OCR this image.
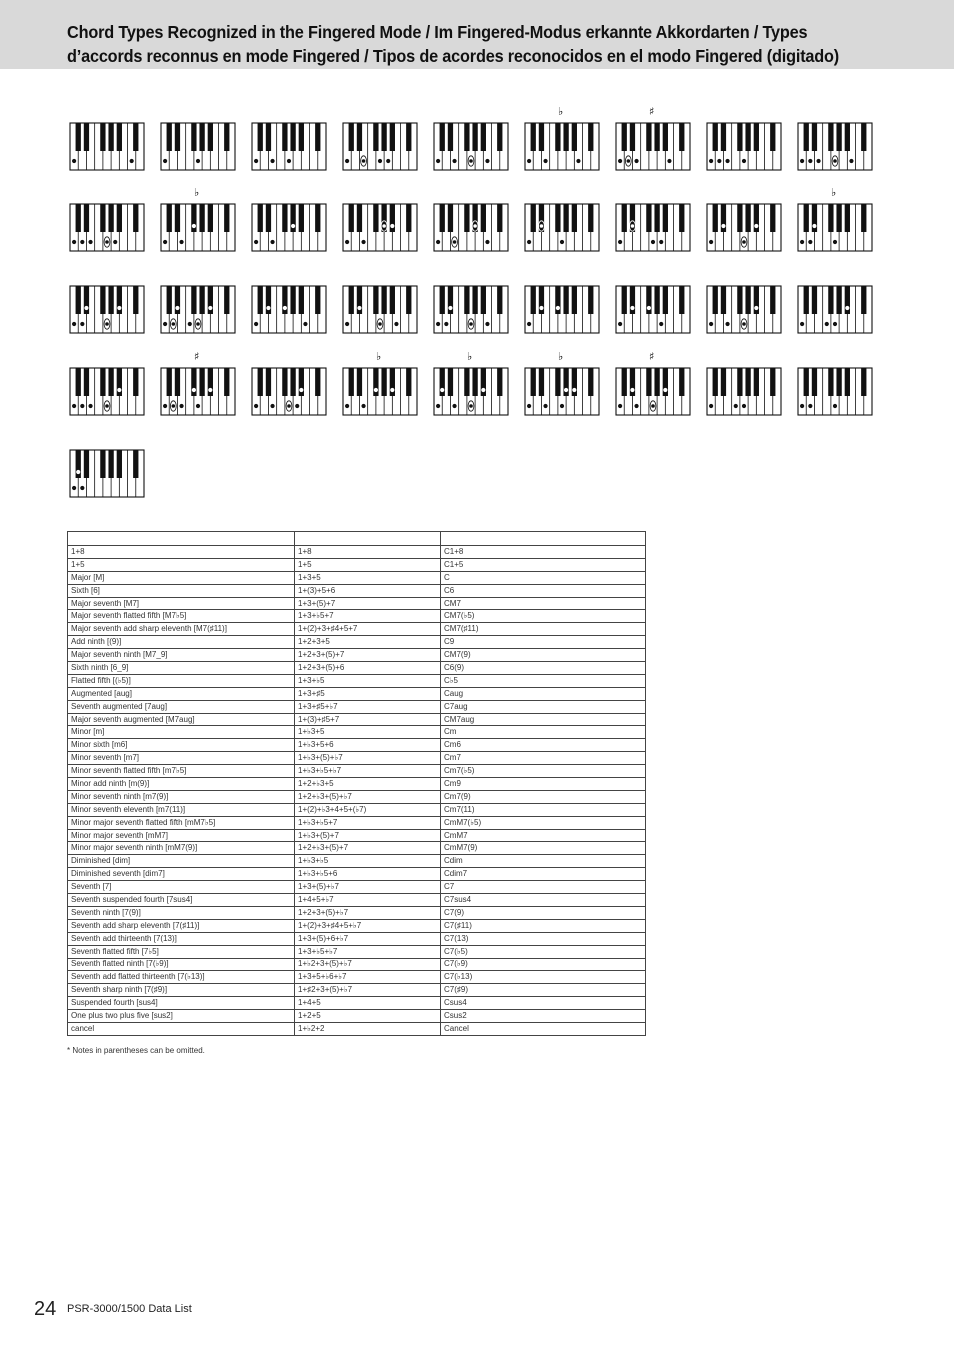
Chord Types Recognized in the Fingered Mode / Im Fingered-Modus erkannte Akkordarten / Types d’accords reconnus en mode Fingered / Tipos de acordes reconocidos en el modo Fingered (digitado)
♭	♯
♭	♭
♯	♭	♭	♭	♯

1+8	1+8	C1+8
1+5	1+5	C1+5
Major [M]	1+3+5	C
Sixth [6]	1+(3)+5+6	C6
Major seventh [M7]	1+3+(5)+7	CM7
Major seventh flatted fifth [M7♭5]	1+3+♭5+7	CM7(♭5)
Major seventh add sharp eleventh [M7(♯11)]	1+(2)+3+♯4+5+7	CM7(♯11)
Add ninth [(9)]	1+2+3+5	C9
Major seventh ninth [M7_9]	1+2+3+(5)+7	CM7(9)
Sixth ninth [6_9]	1+2+3+(5)+6	C6(9)
Flatted fifth [(♭5)]	1+3+♭5	C♭5
Augmented [aug]	1+3+♯5	Caug
Seventh augmented [7aug]	1+3+♯5+♭7	C7aug
Major seventh augmented [M7aug]	1+(3)+♯5+7	CM7aug
Minor [m]	1+♭3+5	Cm
Minor sixth [m6]	1+♭3+5+6	Cm6
Minor seventh [m7]	1+♭3+(5)+♭7	Cm7
Minor seventh flatted fifth [m7♭5]	1+♭3+♭5+♭7	Cm7(♭5)
Minor add ninth [m(9)]	1+2+♭3+5	Cm9
Minor seventh ninth [m7(9)]	1+2+♭3+(5)+♭7	Cm7(9)
Minor seventh eleventh [m7(11)]	1+(2)+♭3+4+5+(♭7)	Cm7(11)
Minor major seventh flatted fifth [mM7♭5]	1+♭3+♭5+7	CmM7(♭5)
Minor major seventh [mM7]	1+♭3+(5)+7	CmM7
Minor major seventh ninth [mM7(9)]	1+2+♭3+(5)+7	CmM7(9)
Diminished [dim]	1+♭3+♭5	Cdim
Diminished seventh [dim7]	1+♭3+♭5+6	Cdim7
Seventh [7]	1+3+(5)+♭7	C7
Seventh suspended fourth [7sus4]	1+4+5+♭7	C7sus4
Seventh ninth [7(9)]	1+2+3+(5)+♭7	C7(9)
Seventh add sharp eleventh [7(♯11)]	1+(2)+3+♯4+5+♭7	C7(♯11)
Seventh add thirteenth [7(13)]	1+3+(5)+6+♭7	C7(13)
Seventh flatted fifth [7♭5]	1+3+♭5+♭7	C7(♭5)
Seventh flatted ninth [7(♭9)]	1+♭2+3+(5)+♭7	C7(♭9)
Seventh add flatted thirteenth [7(♭13)]	1+3+5+♭6+♭7	C7(♭13)
Seventh sharp ninth [7(♯9)]	1+♯2+3+(5)+♭7	C7(♯9)
Suspended fourth [sus4]	1+4+5	Csus4
One plus two plus five [sus2]	1+2+5	Csus2
cancel	1+♭2+2	Cancel
* Notes in parentheses can be omitted.
24 PSR-3000/1500 Data List
